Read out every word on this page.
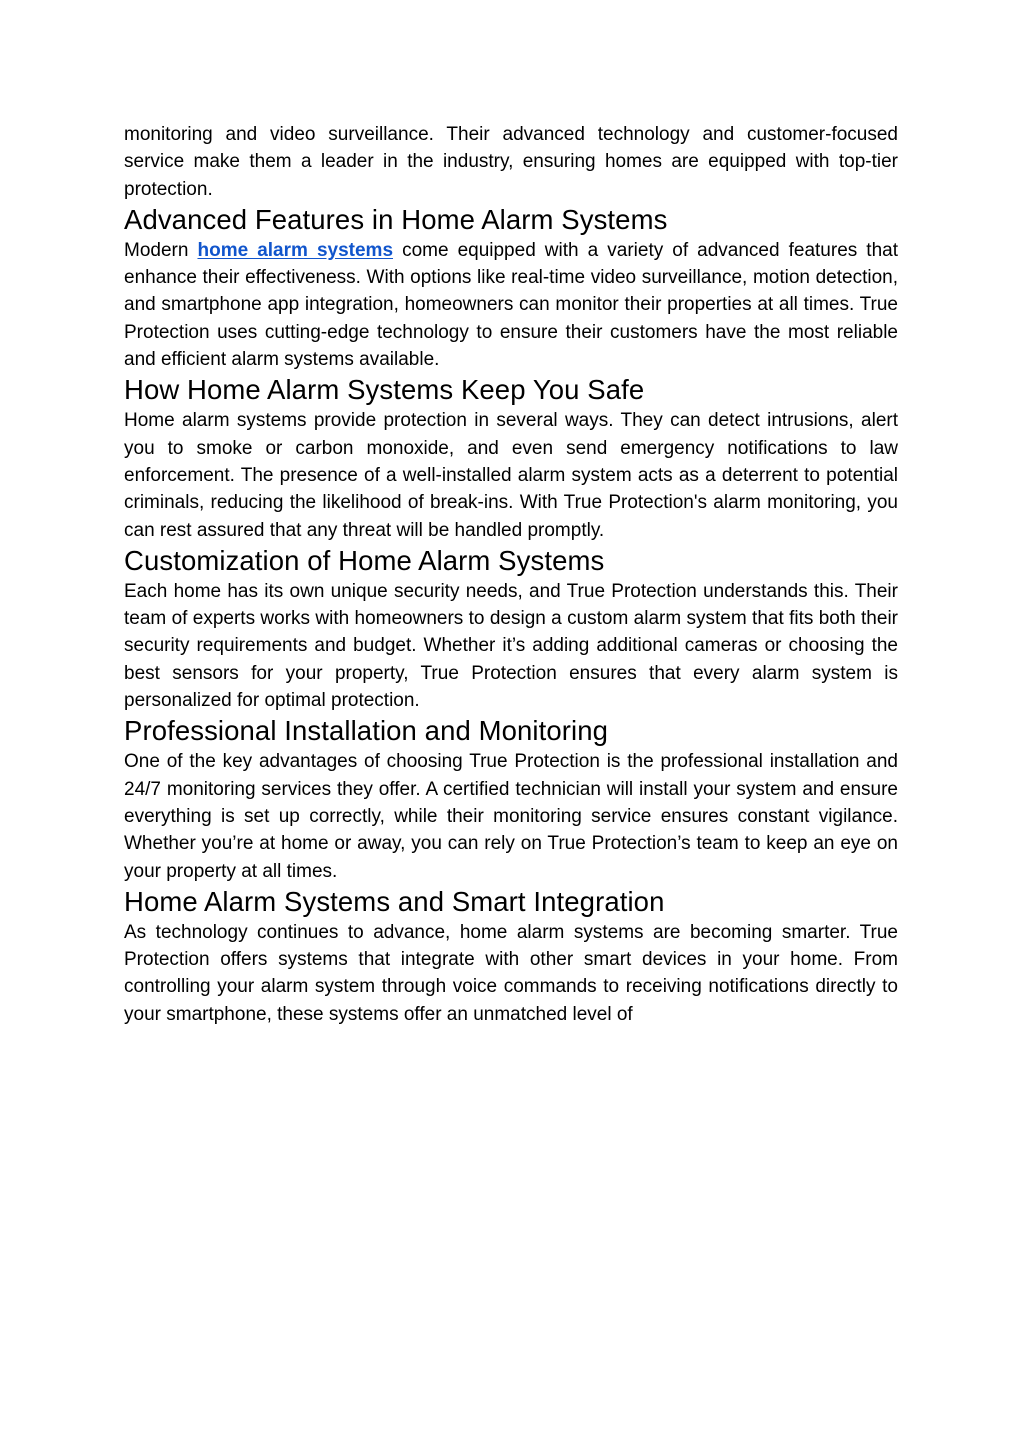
monitoring and video surveillance. Their advanced technology and customer-focused service make them a leader in the industry, ensuring homes are equipped with top-tier protection.

Advanced Features in Home Alarm Systems

Modern home alarm systems come equipped with a variety of advanced features that enhance their effectiveness. With options like real-time video surveillance, motion detection, and smartphone app integration, homeowners can monitor their properties at all times. True Protection uses cutting-edge technology to ensure their customers have the most reliable and efficient alarm systems available.

How Home Alarm Systems Keep You Safe

Home alarm systems provide protection in several ways. They can detect intrusions, alert you to smoke or carbon monoxide, and even send emergency notifications to law enforcement. The presence of a well-installed alarm system acts as a deterrent to potential criminals, reducing the likelihood of break-ins. With True Protection's alarm monitoring, you can rest assured that any threat will be handled promptly.

Customization of Home Alarm Systems

Each home has its own unique security needs, and True Protection understands this. Their team of experts works with homeowners to design a custom alarm system that fits both their security requirements and budget. Whether it’s adding additional cameras or choosing the best sensors for your property, True Protection ensures that every alarm system is personalized for optimal protection.

Professional Installation and Monitoring

One of the key advantages of choosing True Protection is the professional installation and 24/7 monitoring services they offer. A certified technician will install your system and ensure everything is set up correctly, while their monitoring service ensures constant vigilance. Whether you’re at home or away, you can rely on True Protection’s team to keep an eye on your property at all times.

Home Alarm Systems and Smart Integration

As technology continues to advance, home alarm systems are becoming smarter. True Protection offers systems that integrate with other smart devices in your home. From controlling your alarm system through voice commands to receiving notifications directly to your smartphone, these systems offer an unmatched level of
